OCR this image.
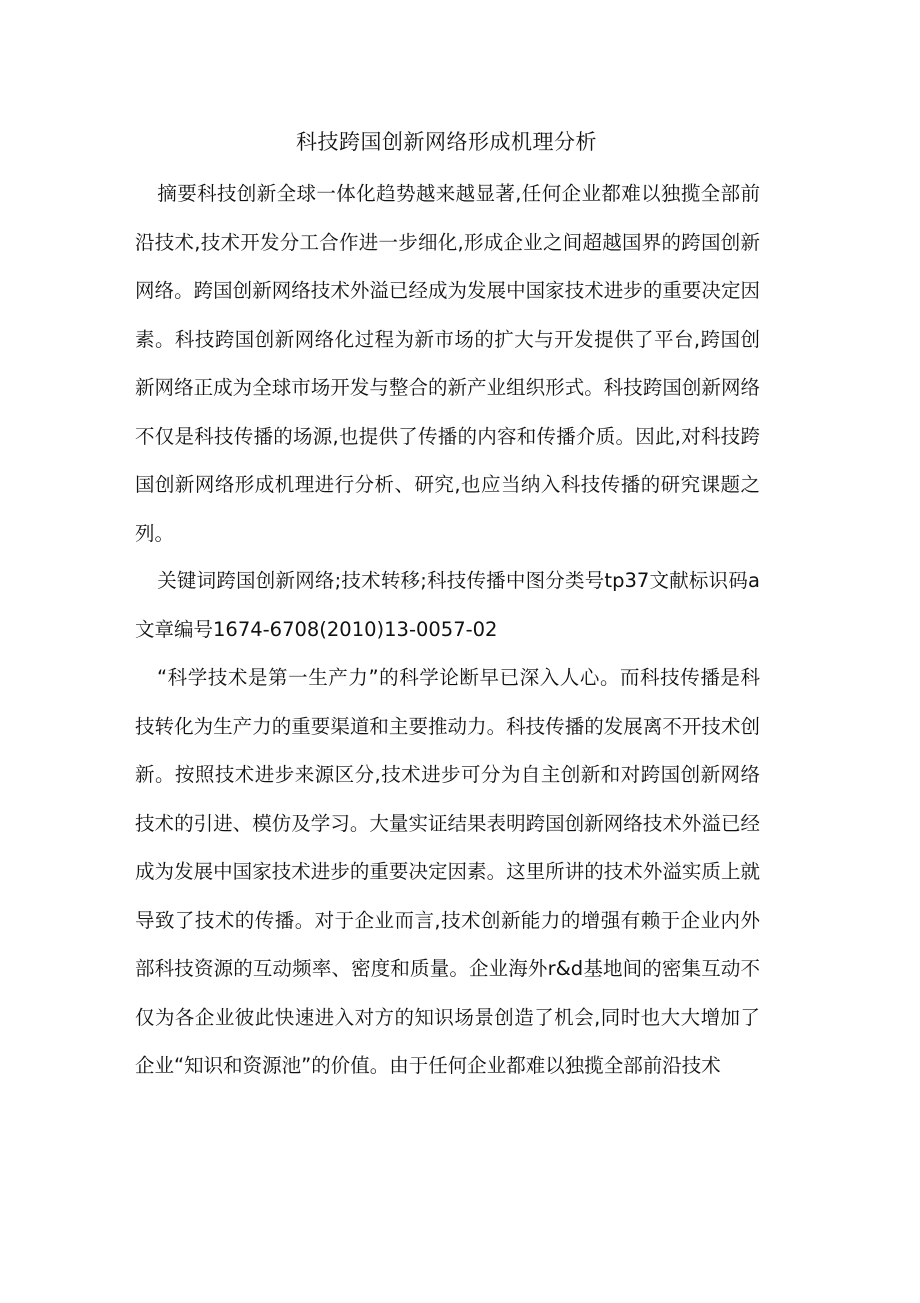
科技跨国创新网络形成机理分析

摘要科技创新全球一体化趋势越来越显著,任何企业都难以独揽全部前沿技术,技术开发分工合作进一步细化,形成企业之间超越国界的跨国创新网络。跨国创新网络技术外溢已经成为发展中国家技术进步的重要决定因素。科技跨国创新网络化过程为新市场的扩大与开发提供了平台,跨国创新网络正成为全球市场开发与整合的新产业组织形式。科技跨国创新网络不仅是科技传播的场源,也提供了传播的内容和传播介质。因此,对科技跨国创新网络形成机理进行分析、研究,也应当纳入科技传播的研究课题之列。

关键词跨国创新网络;技术转移;科技传播中图分类号tp37文献标识码a文章编号1674-6708(2010)13-0057-02

“科学技术是第一生产力”的科学论断早已深入人心。而科技传播是科技转化为生产力的重要渠道和主要推动力。科技传播的发展离不开技术创新。按照技术进步来源区分,技术进步可分为自主创新和对跨国创新网络技术的引进、模仿及学习。大量实证结果表明跨国创新网络技术外溢已经成为发展中国家技术进步的重要决定因素。这里所讲的技术外溢实质上就导致了技术的传播。对于企业而言,技术创新能力的增强有赖于企业内外部科技资源的互动频率、密度和质量。企业海外r&d基地间的密集互动不仅为各企业彼此快速进入对方的知识场景创造了机会,同时也大大增加了企业“知识和资源池”的价值。由于任何企业都难以独揽全部前沿技术
